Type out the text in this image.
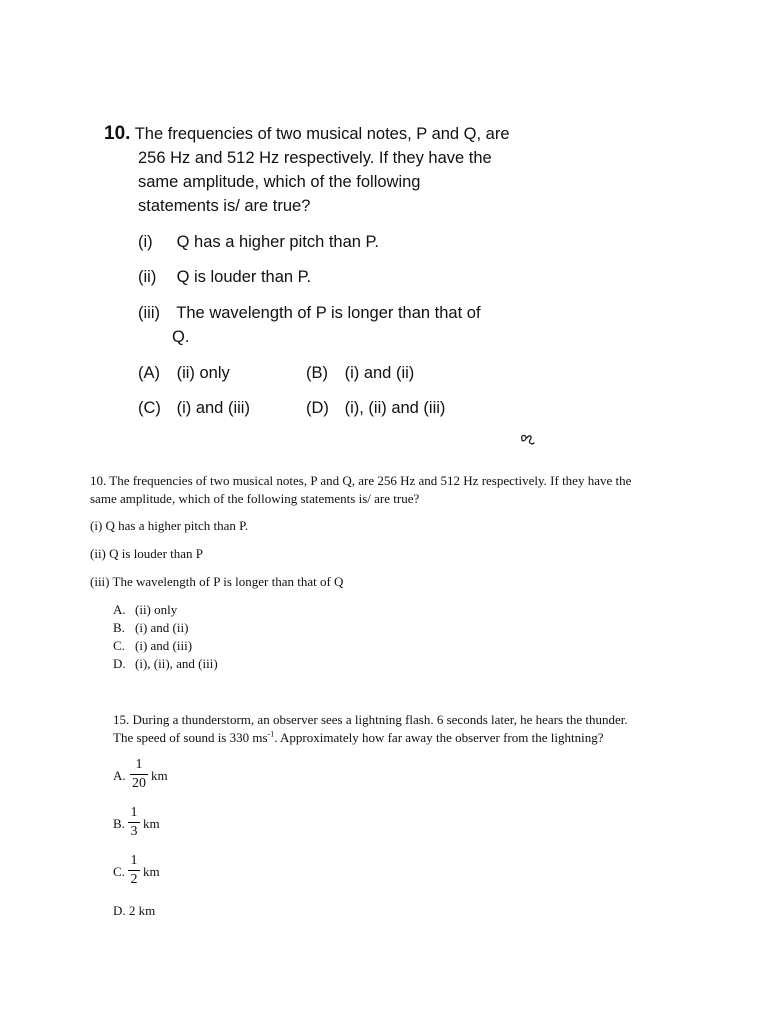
10. The frequencies of two musical notes, P and Q, are
256 Hz and 512 Hz respectively. If they have the
same amplitude, which of the following
statements is/ are true?
(i) Q has a higher pitch than P.
(ii) Q is louder than P.
(iii) The wavelength of P is longer than that of
Q.
(A) (ii) only	(B) (i) and (ii)
(C) (i) and (iii)	(D) (i), (ii) and (iii)
10. The frequencies of two musical notes, P and Q, are 256 Hz and 512 Hz respectively. If they have the
same amplitude, which of the following statements is/ are true?
(i) Q has a higher pitch than P.
(ii) Q is louder than P
(iii) The wavelength of P is longer than that of Q
A. (ii) only
B. (i) and (ii)
C. (i) and (iii)
D. (i), (ii), and (iii)
15. During a thunderstorm, an observer sees a lightning flash. 6 seconds later, he hears the thunder.
The speed of sound is 330 $ms^{-1}$. Approximately how far away the observer from the lightning?
A.
1
20
km
B.
1
3
km
C.
1
2
km
D. 2 km
